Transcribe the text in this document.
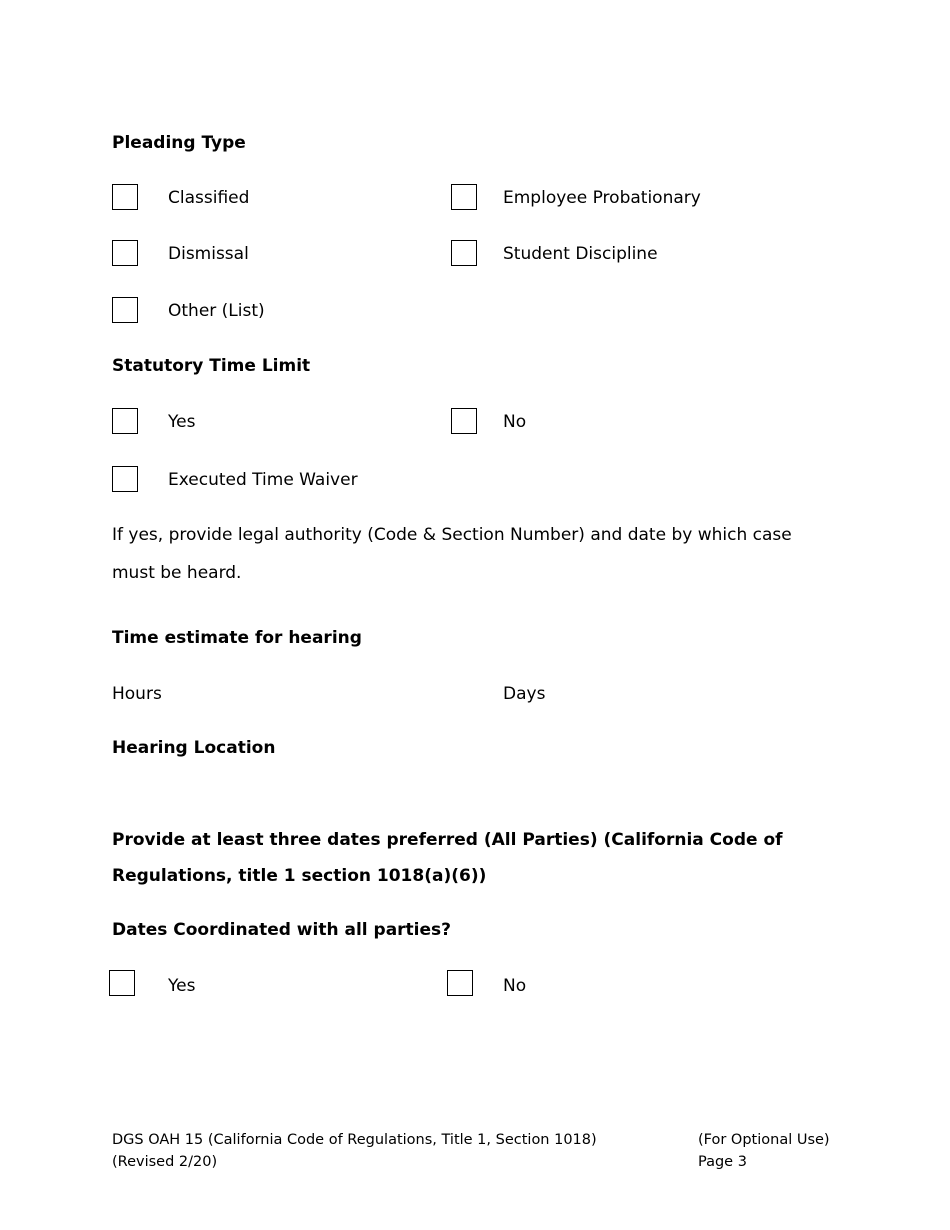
Pleading Type
Classified	Employee Probationary
Dismissal	Student Discipline
Other (List)
Statutory Time Limit
Yes	No
Executed Time Waiver
If yes, provide legal authority (Code & Section Number) and date by which case must be heard.
Time estimate for hearing
Hours	Days
Hearing Location
Provide at least three dates preferred (All Parties) (California Code of Regulations, title 1 section 1018(a)(6))
Dates Coordinated with all parties?
Yes	No
DGS OAH 15 (California Code of Regulations, Title 1, Section 1018)
(Revised 2/20)
(For Optional Use)
Page 3
